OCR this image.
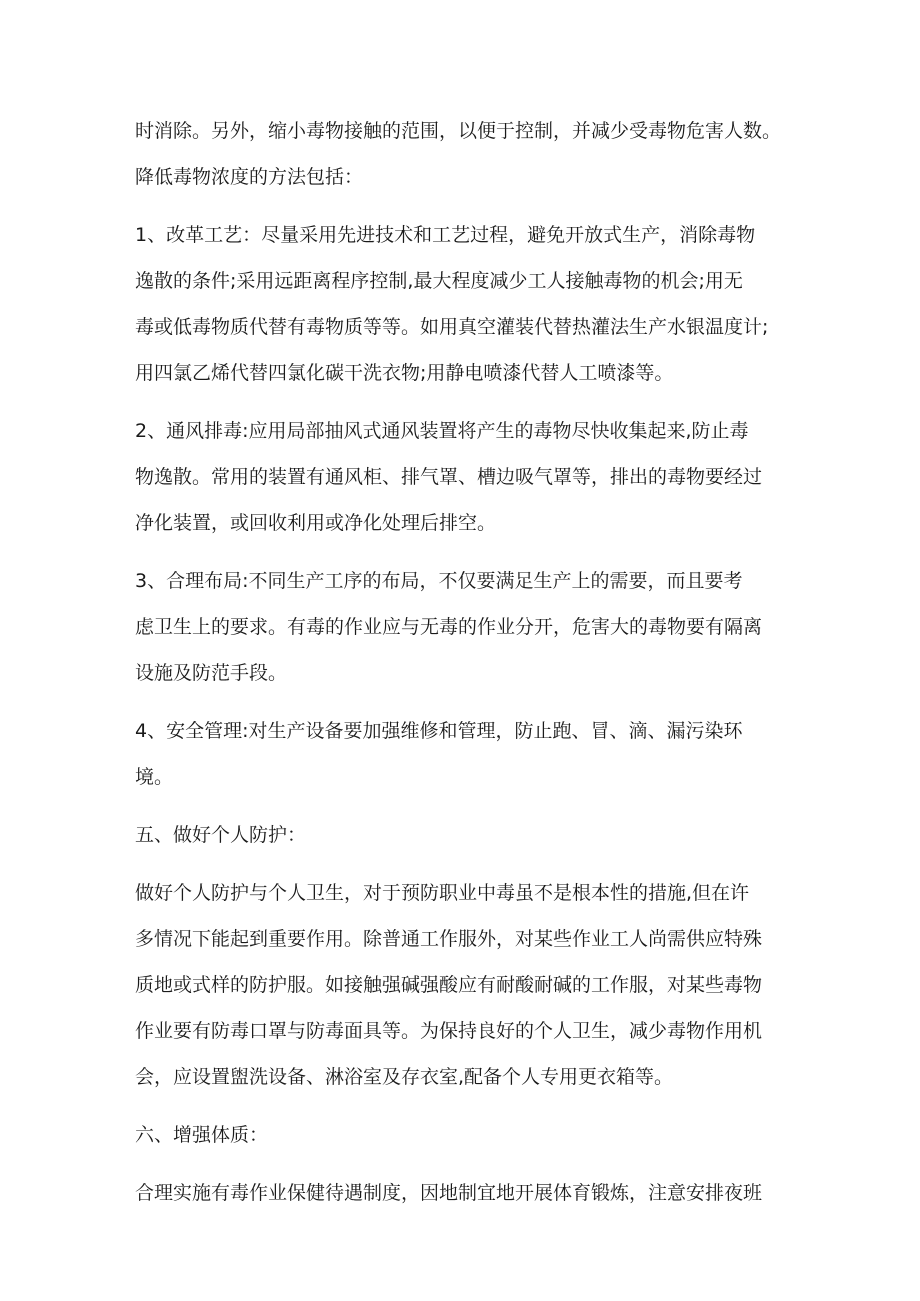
时消除。另外，缩小毒物接触的范围，以便于控制，并减少受毒物危害人数。
降低毒物浓度的方法包括：
1、改革工艺：尽量采用先进技术和工艺过程，避免开放式生产，消除毒物
逸散的条件;采用远距离程序控制,最大程度减少工人接触毒物的机会;用无
毒或低毒物质代替有毒物质等等。如用真空灌装代替热灌法生产水银温度计;
用四氯乙烯代替四氯化碳干洗衣物;用静电喷漆代替人工喷漆等。
2、通风排毒:应用局部抽风式通风装置将产生的毒物尽快收集起来,防止毒
物逸散。常用的装置有通风柜、排气罩、槽边吸气罩等，排出的毒物要经过
净化装置，或回收利用或净化处理后排空。
3、合理布局:不同生产工序的布局，不仅要满足生产上的需要，而且要考
虑卫生上的要求。有毒的作业应与无毒的作业分开，危害大的毒物要有隔离
设施及防范手段。
4、安全管理:对生产设备要加强维修和管理，防止跑、冒、滴、漏污染环
境。
五、做好个人防护：
做好个人防护与个人卫生，对于预防职业中毒虽不是根本性的措施,但在许
多情况下能起到重要作用。除普通工作服外，对某些作业工人尚需供应特殊
质地或式样的防护服。如接触强碱强酸应有耐酸耐碱的工作服，对某些毒物
作业要有防毒口罩与防毒面具等。为保持良好的个人卫生，减少毒物作用机
会，应设置盥洗设备、淋浴室及存衣室,配备个人专用更衣箱等。
六、增强体质：
合理实施有毒作业保健待遇制度，因地制宜地开展体育锻炼，注意安排夜班
